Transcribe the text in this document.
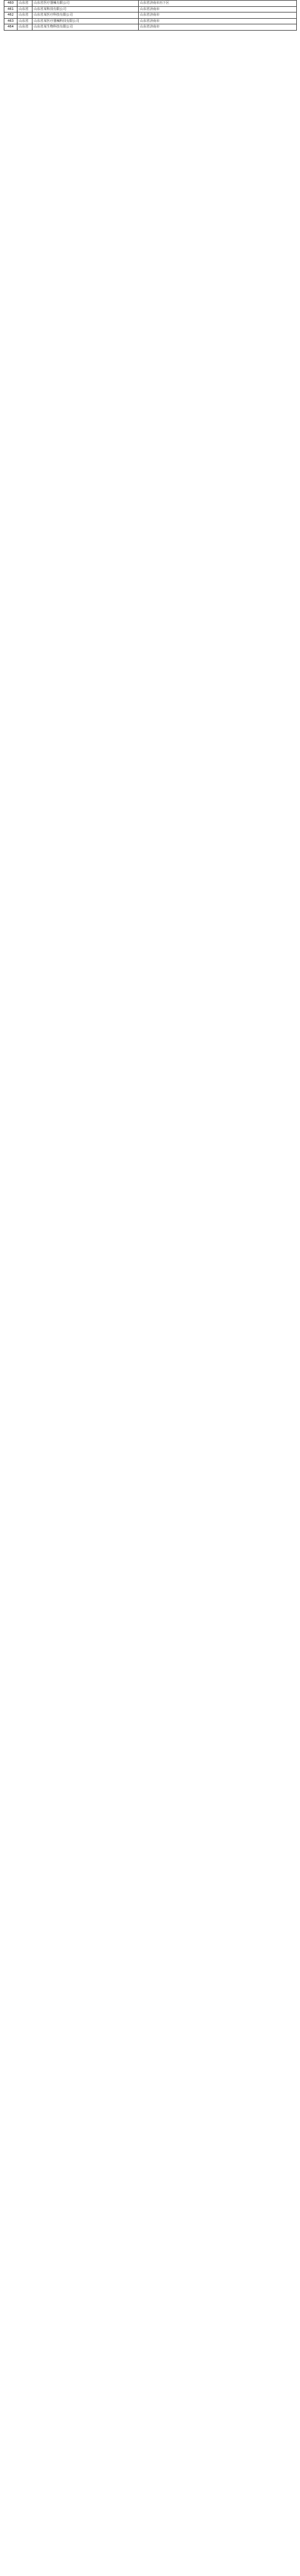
460	山东省	山东省医疗器械有限公司	山东省济南市历下区
461	山东省	山东省某科技有限公司	山东省济南市
462	山东省	山东省某医疗科技有限公司	山东省济南市
463	山东省	山东省某医疗器械科技有限公司	山东省济南市
464	山东省	山东省某生物科技有限公司	山东省济南市
